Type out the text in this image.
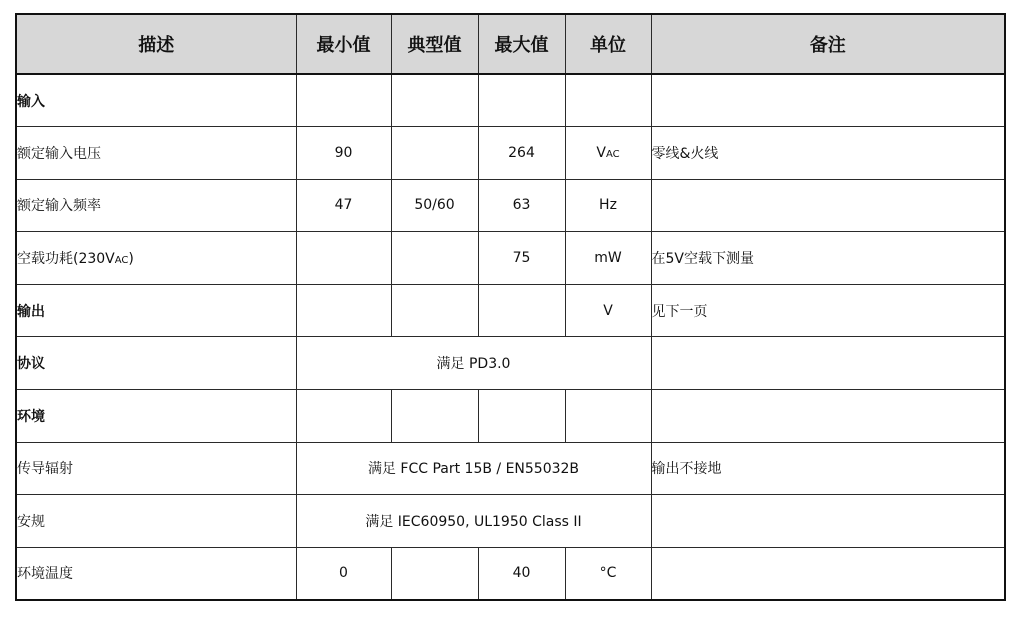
描述	最小值	典型值	最大值	单位	备注
输入					
额定输入电压	90		264	VAC	零线&火线
额定输入频率	47	50/60	63	Hz	
空载功耗(230VAC)			75	mW	在5V空载下测量
输出				V	见下一页
协议	满足 PD3.0				
环境					
传导辐射	满足 FCC Part 15B / EN55032B				输出不接地
安规	满足 IEC60950, UL1950 Class II				
环境温度	0		40	°C	
